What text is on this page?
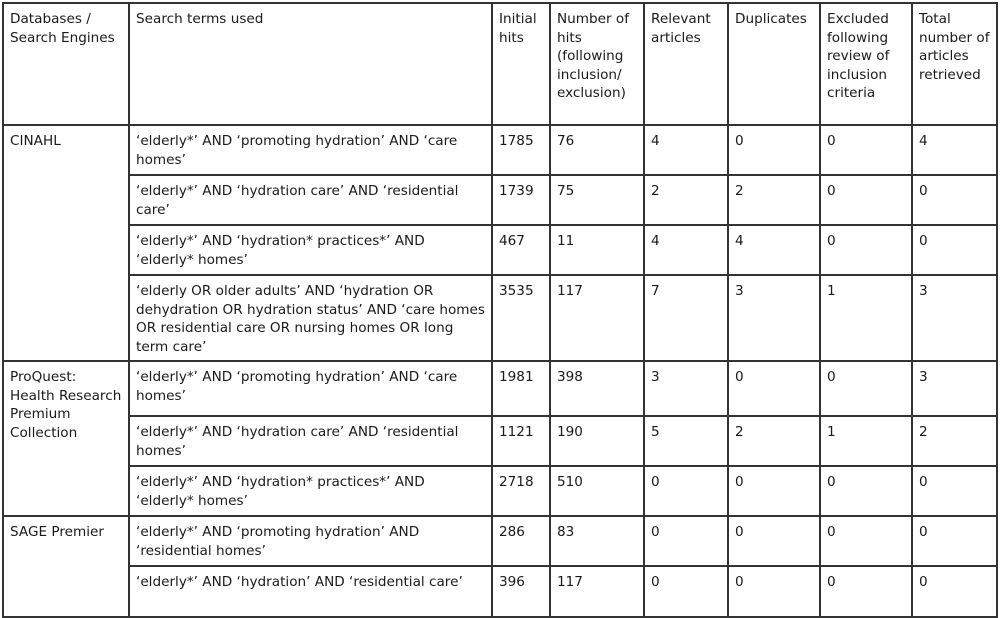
Databases / Search Engines	Search terms used	Initial hits	Number of hits (following inclusion/ exclusion)	Relevant articles	Duplicates	Excluded following review of inclusion criteria	Total number of articles retrieved
CINAHL	‘elderly*’ AND ‘promoting hydration’ AND ‘care homes’	1785	76	4	0	0	4
	‘elderly*’ AND ‘hydration care’ AND ‘residential care’	1739	75	2	2	0	0
	‘elderly*’ AND ‘hydration* practices*’ AND ‘elderly* homes’	467	11	4	4	0	0
	‘elderly OR older adults’ AND ‘hydration OR dehydration OR hydration status’ AND ‘care homes OR residential care OR nursing homes OR long term care’	3535	117	7	3	1	3
ProQuest: Health Research Premium Collection	‘elderly*’ AND ‘promoting hydration’ AND ‘care homes’	1981	398	3	0	0	3
	‘elderly*’ AND ‘hydration care’ AND ‘residential homes’	1121	190	5	2	1	2
	‘elderly*’ AND ‘hydration* practices*’ AND ‘elderly* homes’	2718	510	0	0	0	0
SAGE Premier	‘elderly*’ AND ‘promoting hydration’ AND ‘residential homes’	286	83	0	0	0	0
	‘elderly*’ AND ‘hydration’ AND ‘residential care’	396	117	0	0	0	0
